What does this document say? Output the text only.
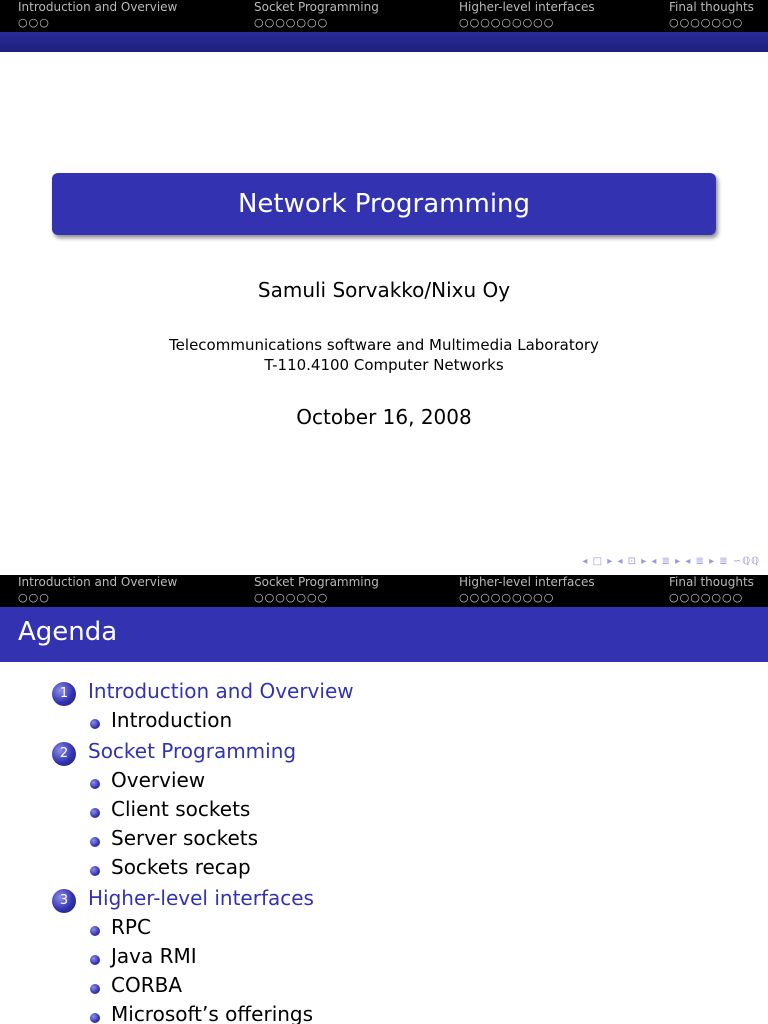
Introduction and Overview
○○○
Socket Programming
○○○○○○○
Higher-level interfaces
○○○○○○○○○
Final thoughts
○○○○○○○
Network Programming
Samuli Sorvakko/Nixu Oy
Telecommunications software and Multimedia Laboratory
T-110.4100 Computer Networks
October 16, 2008
◂ □ ▸ ◂ ⊡ ▸ ◂ ≣ ▸ ◂ ≣ ▸ ≣ ∽ℚℚ
Introduction and Overview
○○○
Socket Programming
○○○○○○○
Higher-level interfaces
○○○○○○○○○
Final thoughts
○○○○○○○
Agenda
1 Introduction and Overview
Introduction
2 Socket Programming
Overview
Client sockets
Server sockets
Sockets recap
3 Higher-level interfaces
RPC
Java RMI
CORBA
Microsoft’s offerings
